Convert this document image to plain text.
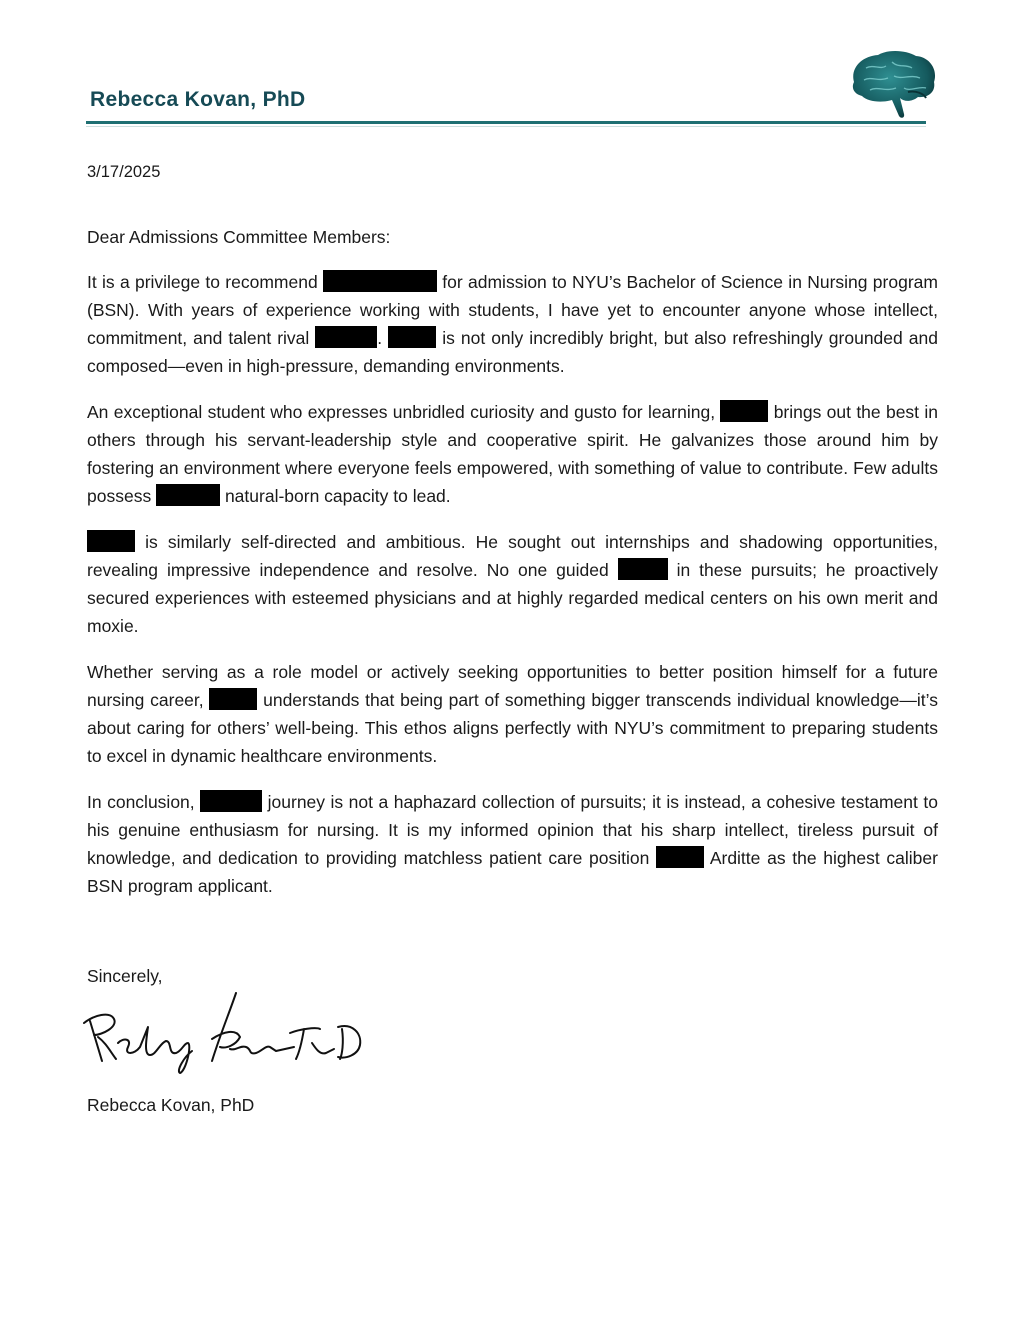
Rebecca Kovan, PhD
3/17/2025
Dear Admissions Committee Members:

It is a privilege to recommend	for admission to NYU’s Bachelor of Science in Nursing program (BSN). With years of experience working with students, I have yet to encounter anyone whose intellect, commitment, and talent rival	.	is not only incredibly bright, but also refreshingly grounded and composed—even in high-pressure, demanding environments.

An exceptional student who expresses unbridled curiosity and gusto for learning,	brings out the best in others through his servant-leadership style and cooperative spirit. He galvanizes those around him by fostering an environment where everyone feels empowered, with something of value to contribute. Few adults possess	natural-born capacity to lead.

is similarly self-directed and ambitious. He sought out internships and shadowing opportunities, revealing impressive independence and resolve. No one guided	in these pursuits; he proactively secured experiences with esteemed physicians and at highly regarded medical centers on his own merit and moxie.

Whether serving as a role model or actively seeking opportunities to better position himself for a future nursing career,	understands that being part of something bigger transcends individual knowledge—it’s about caring for others’ well-being. This ethos aligns perfectly with NYU’s commitment to preparing students to excel in dynamic healthcare environments.

In conclusion,	journey is not a haphazard collection of pursuits; it is instead, a cohesive testament to his genuine enthusiasm for nursing. It is my informed opinion that his sharp intellect, tireless pursuit of knowledge, and dedication to providing matchless patient care position	Arditte as the highest caliber BSN program applicant.

Sincerely,
Rebecca Kovan, PhD
